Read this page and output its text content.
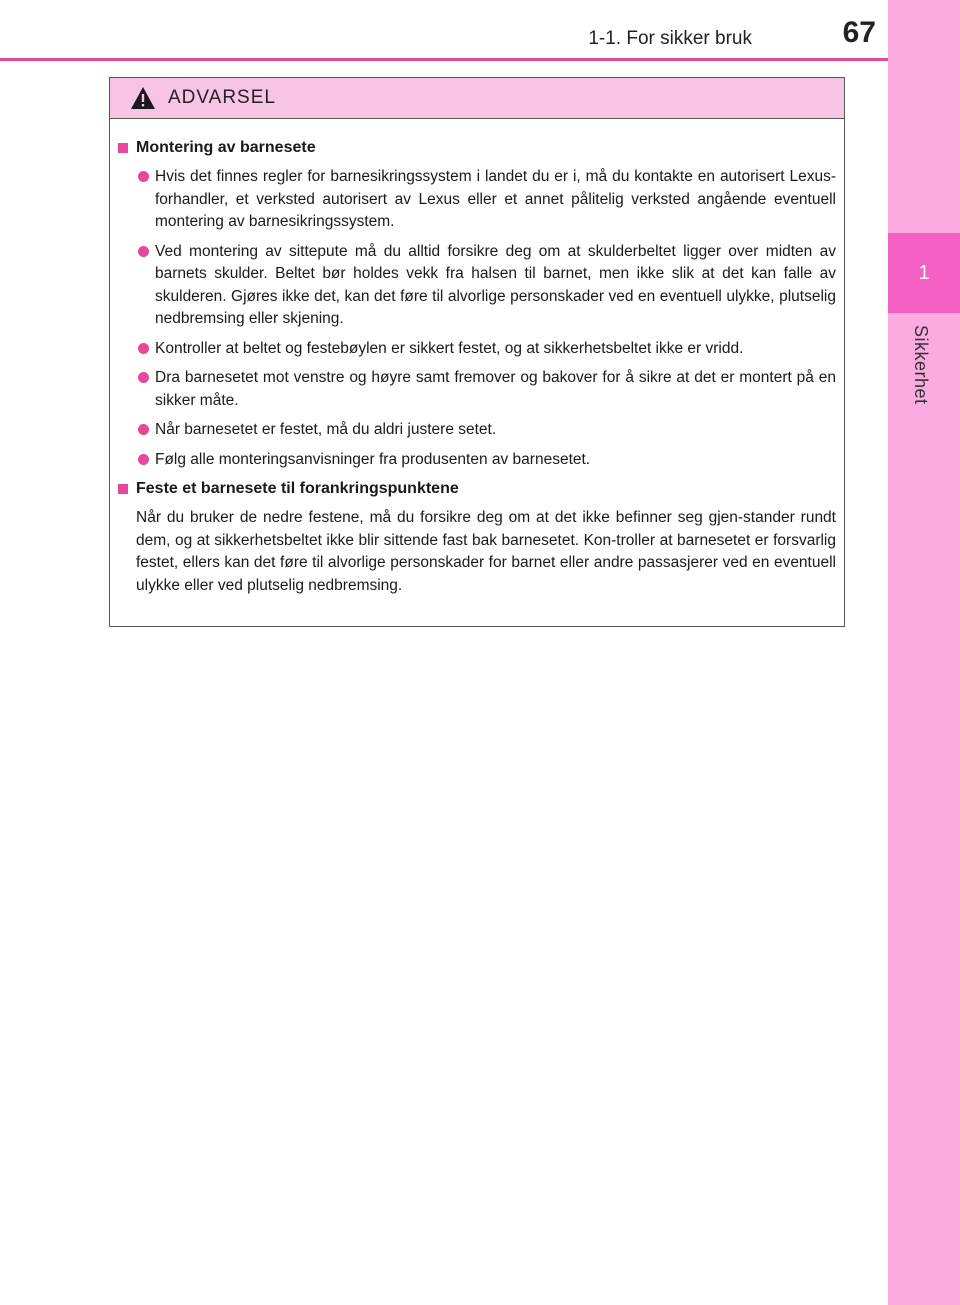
1-1. For sikker bruk	67
1
Sikkerhet
ADVARSEL
Montering av barnesete
Hvis det finnes regler for barnesikringssystem i landet du er i, må du kontakte en autorisert Lexus-forhandler, et verksted autorisert av Lexus eller et annet pålitelig verksted angående eventuell montering av barnesikringssystem.
Ved montering av sittepute må du alltid forsikre deg om at skulderbeltet ligger over midten av barnets skulder. Beltet bør holdes vekk fra halsen til barnet, men ikke slik at det kan falle av skulderen. Gjøres ikke det, kan det føre til alvorlige personskader ved en eventuell ulykke, plutselig nedbremsing eller skjening.
Kontroller at beltet og festebøylen er sikkert festet, og at sikkerhetsbeltet ikke er vridd.
Dra barnesetet mot venstre og høyre samt fremover og bakover for å sikre at det er montert på en sikker måte.
Når barnesetet er festet, må du aldri justere setet.
Følg alle monteringsanvisninger fra produsenten av barnesetet.
Feste et barnesete til forankringspunktene
Når du bruker de nedre festene, må du forsikre deg om at det ikke befinner seg gjen-stander rundt dem, og at sikkerhetsbeltet ikke blir sittende fast bak barnesetet. Kon-troller at barnesetet er forsvarlig festet, ellers kan det føre til alvorlige personskader for barnet eller andre passasjerer ved en eventuell ulykke eller ved plutselig nedbremsing.
